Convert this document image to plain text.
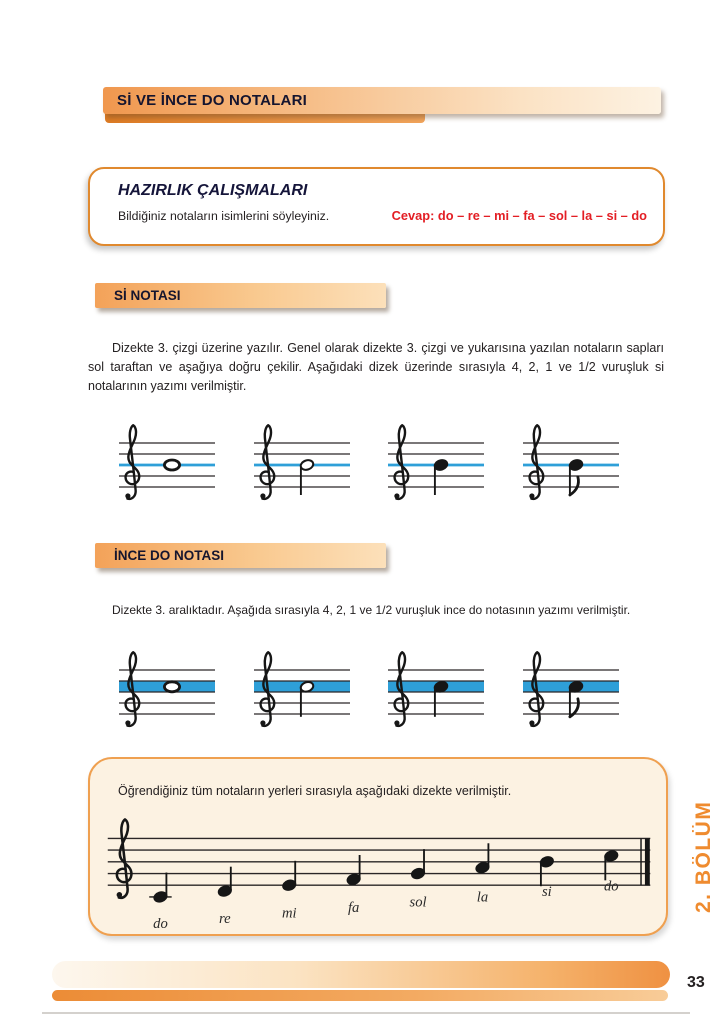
Sİ VE İNCE DO NOTALARI
HAZIRLIK ÇALIŞMALARI
Bildiğiniz notaların isimlerini söyleyiniz.	Cevap: do – re – mi – fa – sol – la – si – do
Sİ NOTASI

Dizekte 3. çizgi üzerine yazılır. Genel olarak dizekte 3. çizgi ve yukarısına yazılan notaların sapları sol taraftan ve aşağıya doğru çekilir. Aşağıdaki dizek üzerinde sırasıyla 4, 2, 1 ve 1/2 vuruşluk si notalarının yazımı verilmiştir.

İNCE DO NOTASI

Dizekte 3. aralıktadır. Aşağıda sırasıyla 4, 2, 1 ve 1/2 vuruşluk ince do notasının yazımı verilmiştir.

Öğrendiğiniz tüm notaların yerleri sırasıyla aşağıdaki dizekte verilmiştir.
do	re	mi	fa	sol	la	si	do	2. BÖLÜM
33
